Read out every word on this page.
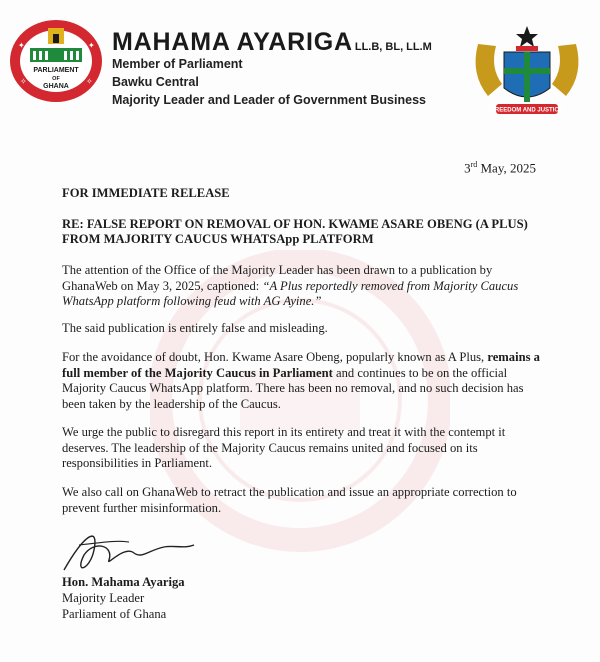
PARLIAMENT
OF
GHANA
✦	✦
✧	✧
MAHAMA AYARIGA LL.B, BL, LL.M
Member of Parliament
Bawku Central
Majority Leader and Leader of Government Business
FREEDOM AND JUSTICE
3rd May, 2025
FOR IMMEDIATE RELEASE
RE: FALSE REPORT ON REMOVAL OF HON. KWAME ASARE OBENG (A PLUS)
FROM MAJORITY CAUCUS WHATSApp PLATFORM
The attention of the Office of the Majority Leader has been drawn to a publication by GhanaWeb on May 3, 2025, captioned: “A Plus reportedly removed from Majority Caucus WhatsApp platform following feud with AG Ayine.”
The said publication is entirely false and misleading.
For the avoidance of doubt, Hon. Kwame Asare Obeng, popularly known as A Plus, remains a full member of the Majority Caucus in Parliament and continues to be on the official Majority Caucus WhatsApp platform. There has been no removal, and no such decision has been taken by the leadership of the Caucus.
We urge the public to disregard this report in its entirety and treat it with the contempt it deserves. The leadership of the Majority Caucus remains united and focused on its responsibilities in Parliament.
We also call on GhanaWeb to retract the publication and issue an appropriate correction to prevent further misinformation.
Hon. Mahama Ayariga
Majority Leader
Parliament of Ghana
